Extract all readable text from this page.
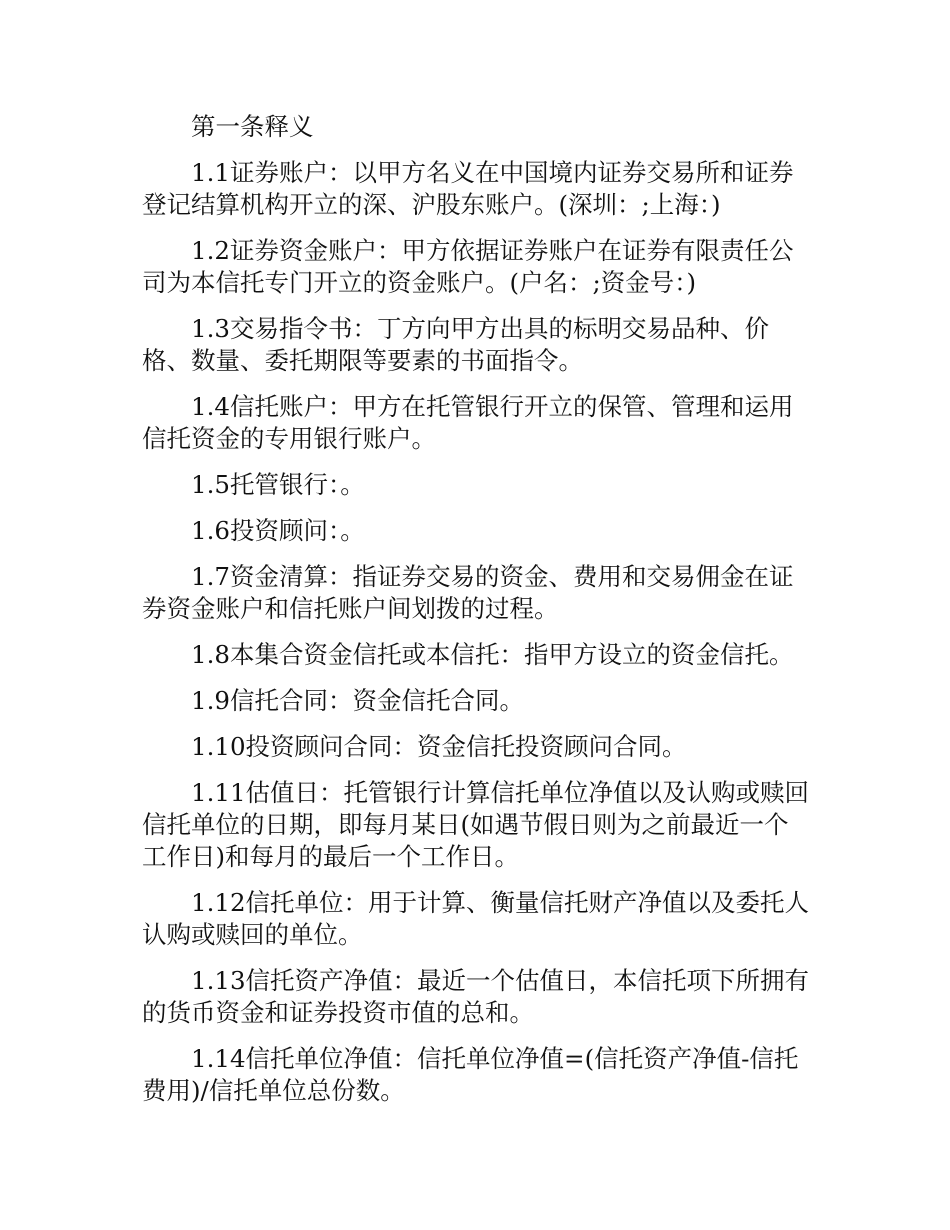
第一条释义

1.1证券账户：以甲方名义在中国境内证券交易所和证券登记结算机构开立的深、沪股东账户。(深圳：;上海：)

1.2证券资金账户：甲方依据证券账户在证券有限责任公司为本信托专门开立的资金账户。(户名：;资金号：)

1.3交易指令书：丁方向甲方出具的标明交易品种、价格、数量、委托期限等要素的书面指令。

1.4信托账户：甲方在托管银行开立的保管、管理和运用信托资金的专用银行账户。

1.5托管银行：。

1.6投资顾问：。

1.7资金清算：指证券交易的资金、费用和交易佣金在证券资金账户和信托账户间划拨的过程。

1.8本集合资金信托或本信托：指甲方设立的资金信托。

1.9信托合同：资金信托合同。

1.10投资顾问合同：资金信托投资顾问合同。

1.11估值日：托管银行计算信托单位净值以及认购或赎回信托单位的日期，即每月某日(如遇节假日则为之前最近一个工作日)和每月的最后一个工作日。

1.12信托单位：用于计算、衡量信托财产净值以及委托人认购或赎回的单位。

1.13信托资产净值：最近一个估值日，本信托项下所拥有的货币资金和证券投资市值的总和。

1.14信托单位净值：信托单位净值=(信托资产净值-信托费用)/信托单位总份数。
